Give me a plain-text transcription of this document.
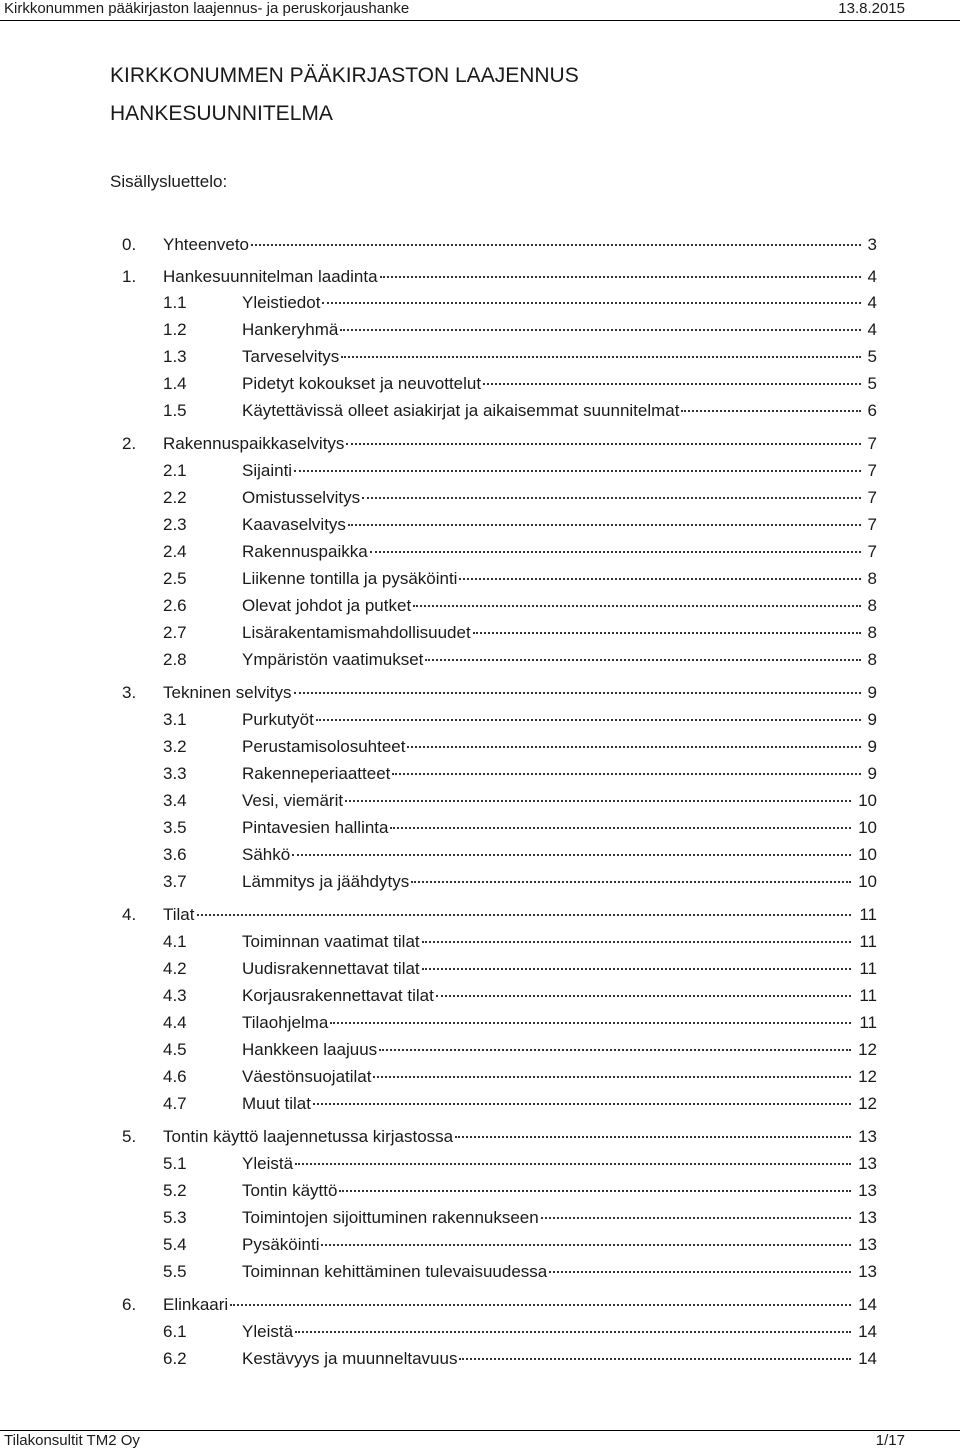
Kirkkonummen pääkirjaston laajennus- ja peruskorjaushanke	13.8.2015
KIRKKONUMMEN PÄÄKIRJASTON LAAJENNUS
HANKESUUNNITELMA
Sisällysluettelo:
0. Yhteenveto	3
1. Hankesuunnitelman laadinta	4
1.1	Yleistiedot	4
1.2	Hankeryhmä	4
1.3	Tarveselvitys	5
1.4	Pidetyt kokoukset ja neuvottelut	5
1.5	Käytettävissä olleet asiakirjat ja aikaisemmat suunnitelmat	6
2. Rakennuspaikkaselvitys	7
2.1	Sijainti	7
2.2	Omistusselvitys	7
2.3	Kaavaselvitys	7
2.4	Rakennuspaikka	7
2.5	Liikenne tontilla ja pysäköinti	8
2.6	Olevat johdot ja putket	8
2.7	Lisärakentamismahdollisuudet	8
2.8	Ympäristön vaatimukset	8
3. Tekninen selvitys	9
3.1	Purkutyöt	9
3.2	Perustamisolosuhteet	9
3.3	Rakenneperiaatteet	9
3.4	Vesi, viemärit	10
3.5	Pintavesien hallinta	10
3.6	Sähkö	10
3.7	Lämmitys ja jäähdytys	10
4. Tilat	11
4.1	Toiminnan vaatimat tilat	11
4.2	Uudisrakennettavat tilat	11
4.3	Korjausrakennettavat tilat	11
4.4	Tilaohjelma	11
4.5	Hankkeen laajuus	12
4.6	Väestönsuojatilat	12
4.7	Muut tilat	12
5. Tontin käyttö laajennetussa kirjastossa	13
5.1	Yleistä	13
5.2	Tontin käyttö	13
5.3	Toimintojen sijoittuminen rakennukseen	13
5.4	Pysäköinti	13
5.5	Toiminnan kehittäminen tulevaisuudessa	13
6. Elinkaari	14
6.1	Yleistä	14
6.2	Kestävyys ja muunneltavuus	14
Tilakonsultit TM2 Oy	1/17
